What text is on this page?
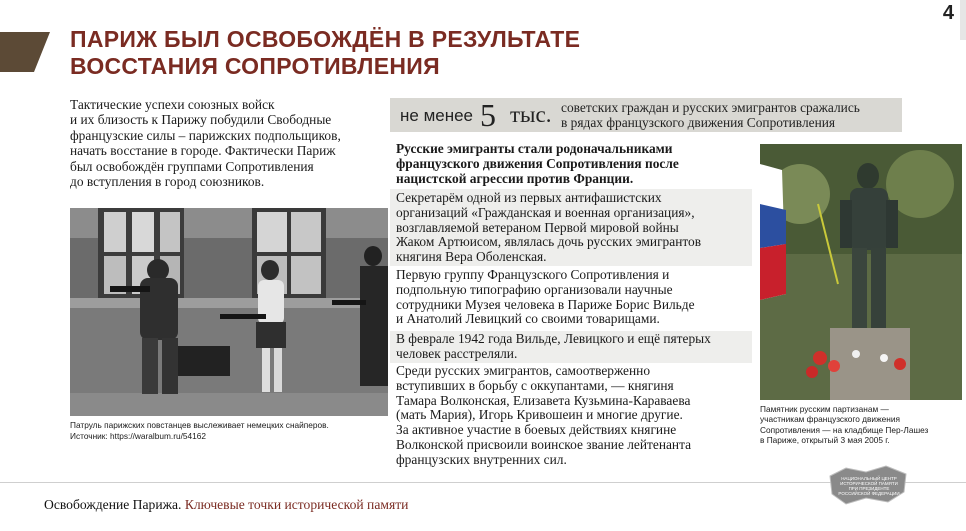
4
ПАРИЖ БЫЛ ОСВОБОЖДЁН В РЕЗУЛЬТАТЕ ВОССТАНИЯ СОПРОТИВЛЕНИЯ
Тактические успехи союзных войск
и их близость к Парижу побудили Свободные
французские силы – парижских подпольщиков,
начать восстание в городе. Фактически Париж
был освобождён группами Сопротивления
до вступления в город союзников.
Патруль парижских повстанцев выслеживает немецких снайперов.
Источник: https://waralbum.ru/54162
не менее 5 тыс. советских граждан и русских эмигрантов сражались
в рядах французского движения Сопротивления
Русские эмигранты стали родоначальниками
французского движения Сопротивления после
нацистской агрессии против Франции.
Секретарём одной из первых антифашистских
организаций «Гражданская и военная организация»,
возглавляемой ветераном Первой мировой войны
Жаком Артюисом, являлась дочь русских эмигрантов
княгиня Вера Оболенская.
Первую группу Французского Сопротивления и
подпольную типографию организовали научные
сотрудники Музея человека в Париже Борис Вильде
и Анатолий Левицкий со своими товарищами.
В феврале 1942 года Вильде, Левицкого и ещё пятерых
человек расстреляли.
Среди русских эмигрантов, самоотверженно
вступивших в борьбу с оккупантами, — княгиня
Тамара Волконская, Елизавета Кузьмина-Караваева
(мать Мария), Игорь Кривошеин и многие другие.
За активное участие в боевых действиях княгине
Волконской присвоили воинское звание лейтенанта
французских внутренних сил.
Памятник русским партизанам —
участникам французского движения
Сопротивления — на кладбище Пер-Лашез
в Париже, открытый 3 мая 2005 г.
Освобождение Парижа. Ключевые точки исторической памяти
НАЦИОНАЛЬНЫЙ ЦЕНТР
ИСТОРИЧЕСКОЙ ПАМЯТИ
ПРИ ПРЕЗИДЕНТЕ
РОССИЙСКОЙ ФЕДЕРАЦИИ
